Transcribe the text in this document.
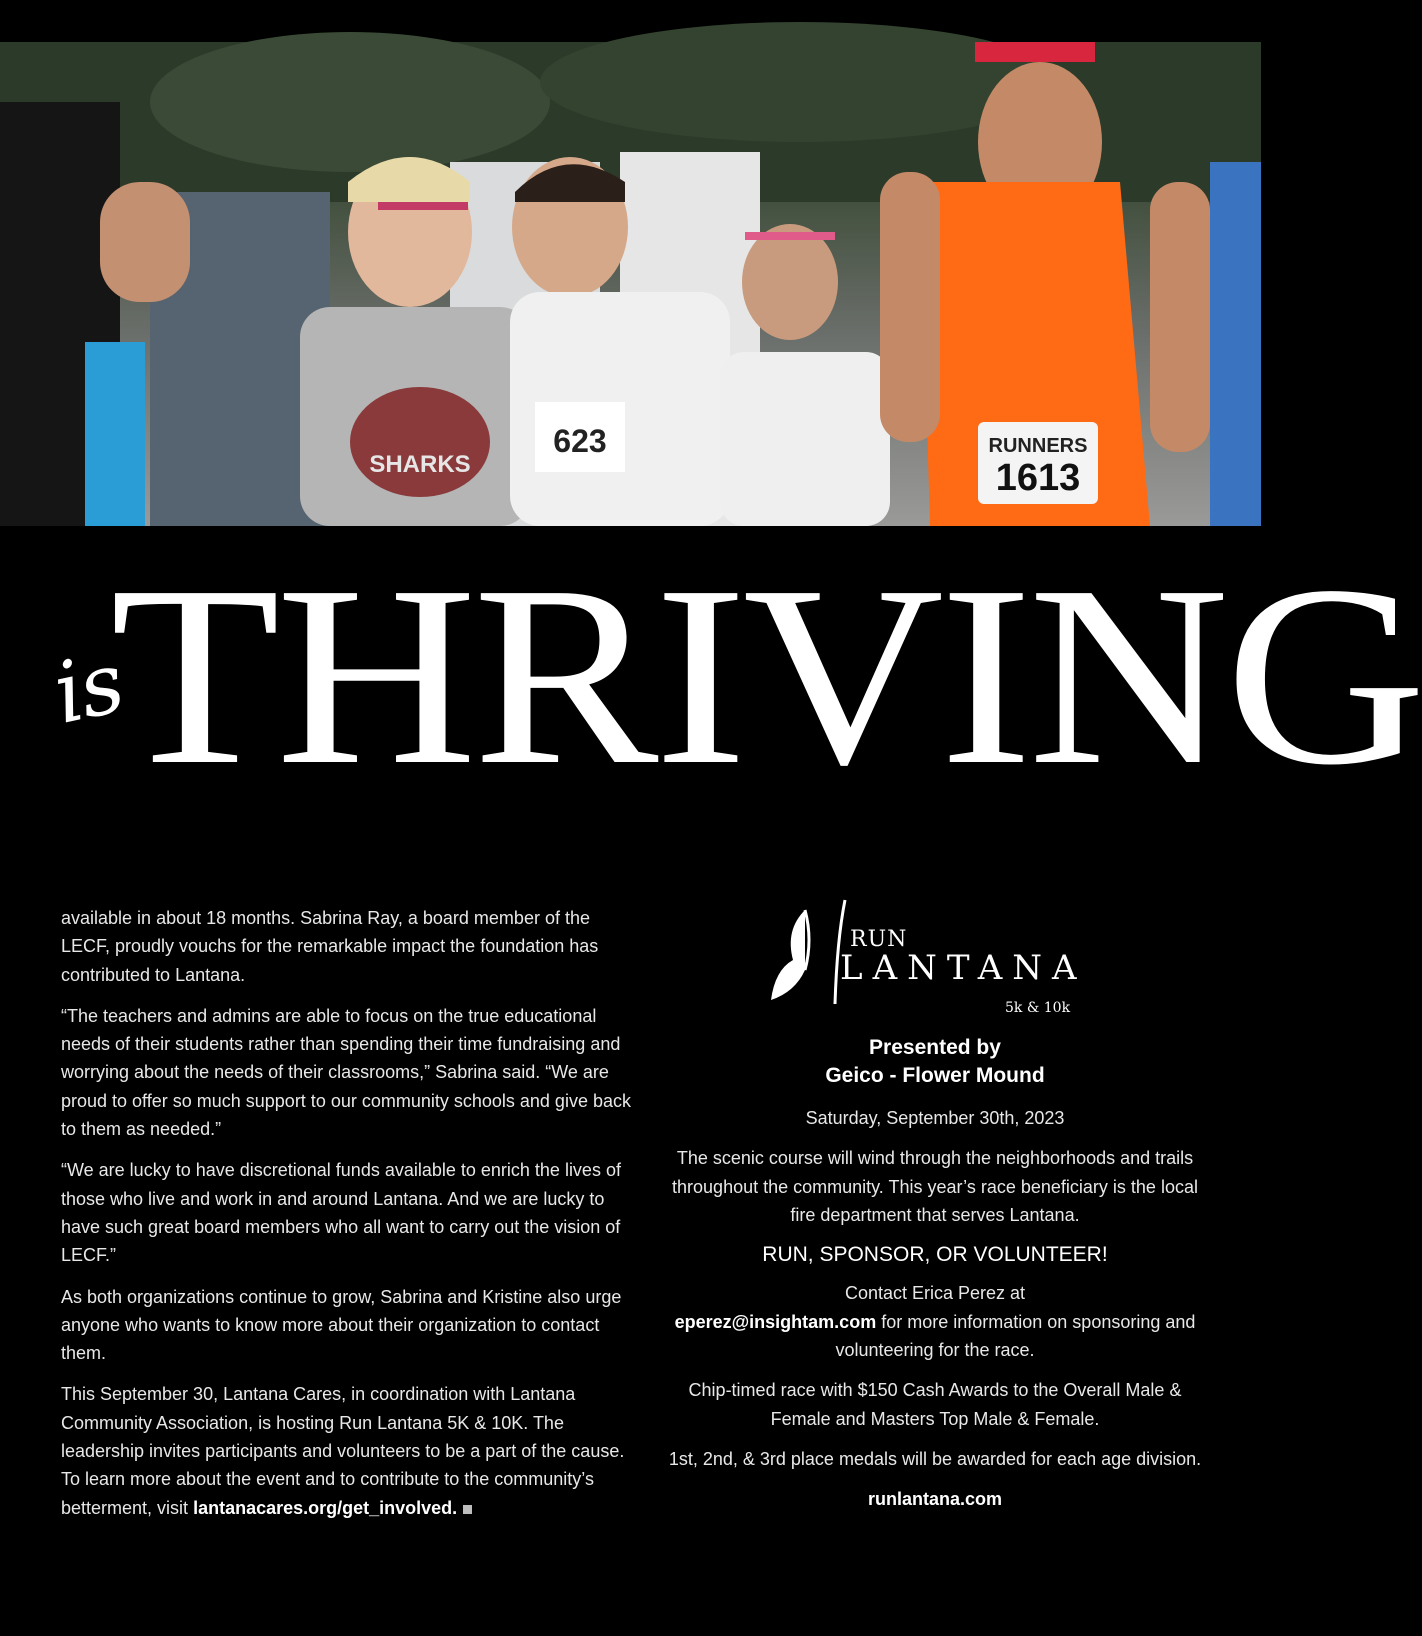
RUNNERS
1613
623
SHARKS
is
THRIVING

available in about 18 months. Sabrina Ray, a board member of the LECF, proudly vouchs for the remarkable impact the foundation has contributed to Lantana.

“The teachers and admins are able to focus on the true educational needs of their students rather than spending their time fundraising and worrying about the needs of their classrooms,” Sabrina said. “We are proud to offer so much support to our community schools and give back to them as needed.”

“We are lucky to have discretional funds available to enrich the lives of those who live and work in and around Lantana. And we are lucky to have such great board members who all want to carry out the vision of LECF.”

As both organizations continue to grow, Sabrina and Kristine also urge anyone who wants to know more about their organization to contact them.

This September 30, Lantana Cares, in coordination with Lantana Community Association, is hosting Run Lantana 5K & 10K. The leadership invites participants and volunteers to be a part of the cause. To learn more about the event and to contribute to the community’s betterment, visit lantanacares.org/get_involved.

RUN
LANTANA
5k & 10k
Presented by
Geico - Flower Mound
Saturday, September 30th, 2023
The scenic course will wind through the neighborhoods and trails throughout the community. This year’s race beneficiary is the local fire department that serves Lantana.
RUN, SPONSOR, OR VOLUNTEER!
Contact Erica Perez at
eperez@insightam.com for more information on sponsoring and volunteering for the race.
Chip-timed race with $150 Cash Awards to the Overall Male & Female and Masters Top Male & Female.
1st, 2nd, & 3rd place medals will be awarded for each age division.
runlantana.com
